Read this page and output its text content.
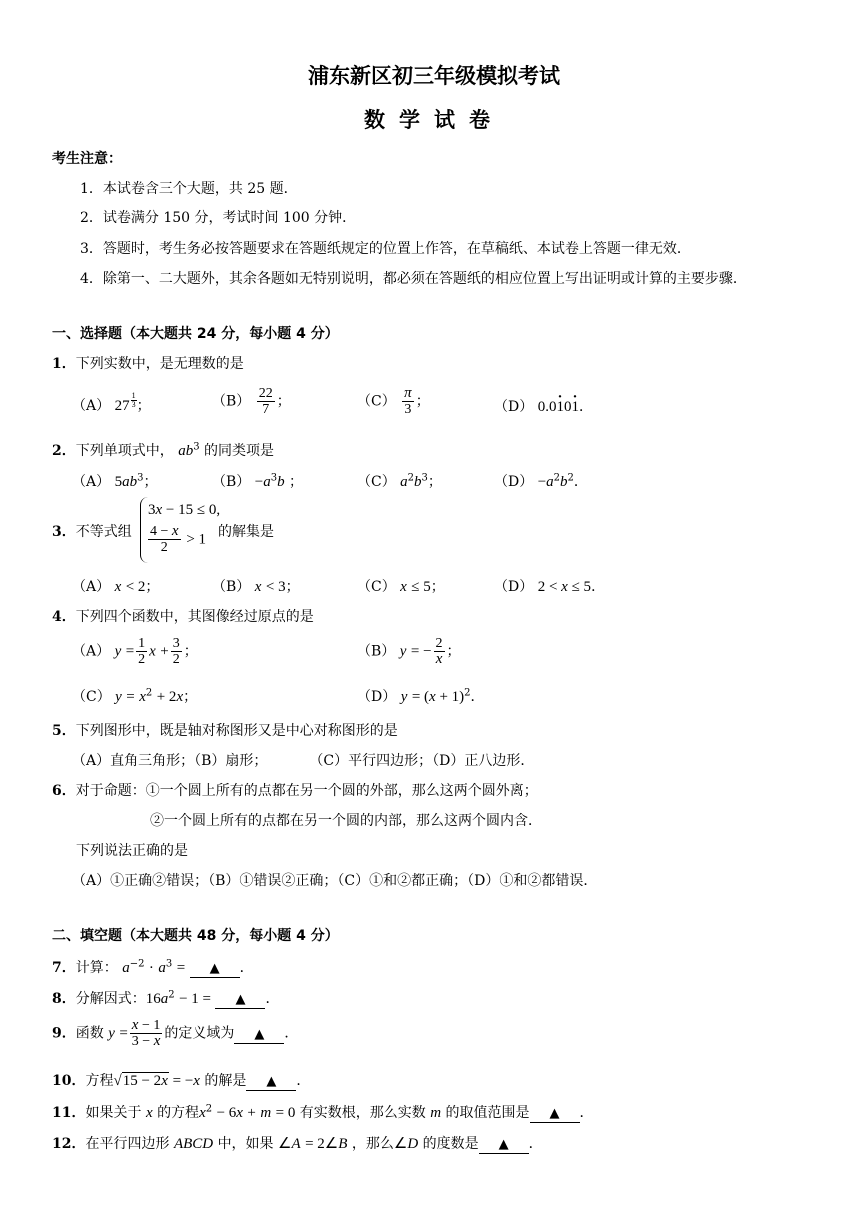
浦东新区初三年级模拟考试
数学试卷
考生注意：
1．本试卷含三个大题，共 25 题．
2．试卷满分 150 分，考试时间 100 分钟．
3．答题时，考生务必按答题要求在答题纸规定的位置上作答，在草稿纸、本试卷上答题一律无效．
4．除第一、二大题外，其余各题如无特别说明，都必须在答题纸的相应位置上写出证明或计算的主要步骤．
一、选择题（本大题共 24 分，每小题 4 分）
1．下列实数中，是无理数的是
（A） $27 \frac{1}{3}$ ；	$(B) \frac{22}{7}$ ；	$(C) \frac{\pi}{3}$ ；	（D） 0.0· 10· 1．
2．下列单项式中， $ab^3$ 的同类项是
（A） $5ab^3$；	$(B) -a^3b$ ；	（C） $a^2b^3$；	$(D) -a^2b^2$．
3．不等式组
3x − 15 ≤ 0,
$\frac{4 - x}{2} > 1$ 的解集是
（A） x < 2；	（B） x < 3；	（C） x ≤ 5；	（D） 2 < x ≤ 5．
4．下列四个函数中，其图像经过原点的是
（A） $y = \frac{1}{2}$ $x + \frac{3}{2}$ ；	（B） y = − $\frac{2}{x}$ ；
（C） $y = x^2 + 2x$；	（D） $y = (x + 1)^2$．
5．下列图形中，既是轴对称图形又是中心对称图形的是
（A）直角三角形；（B）扇形；　　　　（C）平行四边形；（D）正八边形．
6．对于命题：①一个圆上所有的点都在另一个圆的外部，那么这两个圆外离；
②一个圆上所有的点都在另一个圆的内部，那么这两个圆内含．
下列说法正确的是
（A）①正确②错误；（B）①错误②正确；（C）①和②都正确；（D）①和②都错误．
二、填空题（本大题共 48 分，每小题 4 分）
7．计算： $a^{-2} \cdot a^3$ = ▲ ．
8．分解因式：$16a^2 - 1$ = ▲ ．
9．函数 $y = \frac{x - 1}{3 - x}$ 的定义域为 ▲ ．
10．方程√15 − 2x = −x 的解是 ▲ ．
11．如果关于 x 的方程$x^2 - 6x + m = 0$ 有实数根，那么实数 m 的取值范围是 ▲ ．
12．在平行四边形 ABCD 中，如果 ∠A = 2∠B ，那么∠D 的度数是 ▲ ．
